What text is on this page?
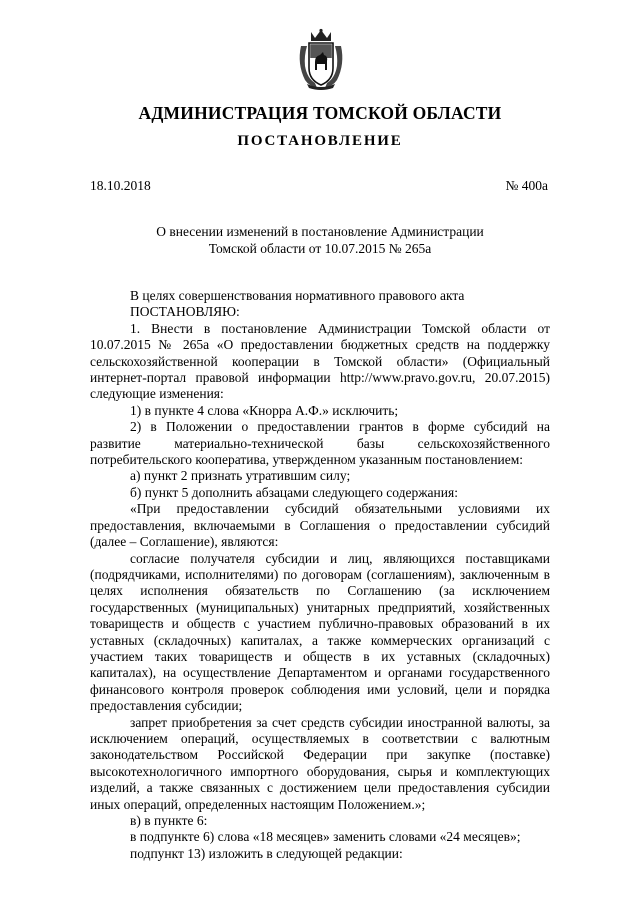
АДМИНИСТРАЦИЯ ТОМСКОЙ ОБЛАСТИ
ПОСТАНОВЛЕНИЕ
18.10.2018	№ 400а
О внесении изменений в постановление Администрации
Томской области от 10.07.2015 № 265а

В целях совершенствования нормативного правового акта

ПОСТАНОВЛЯЮ:

1. Внести в постановление Администрации Томской области от 10.07.2015 № 265а «О предоставлении бюджетных средств на поддержку сельскохозяйственной кооперации в Томской области» (Официальный интернет-портал правовой информации http://www.pravo.gov.ru, 20.07.2015) следующие изменения:

1) в пункте 4 слова «Кнорра А.Ф.» исключить;

2) в Положении о предоставлении грантов в форме субсидий на развитие материально-технической базы сельскохозяйственного потребительского кооператива, утвержденном указанным постановлением:

а) пункт 2 признать утратившим силу;

б) пункт 5 дополнить абзацами следующего содержания:

«При предоставлении субсидий обязательными условиями их предоставления, включаемыми в Соглашения о предоставлении субсидий (далее – Соглашение), являются:

согласие получателя субсидии и лиц, являющихся поставщиками (подрядчиками, исполнителями) по договорам (соглашениям), заключенным в целях исполнения обязательств по Соглашению (за исключением государственных (муниципальных) унитарных предприятий, хозяйственных товариществ и обществ с участием публично-правовых образований в их уставных (складочных) капиталах, а также коммерческих организаций с участием таких товариществ и обществ в их уставных (складочных) капиталах), на осуществление Департаментом и органами государственного финансового контроля проверок соблюдения ими условий, цели и порядка предоставления субсидии;

запрет приобретения за счет средств субсидии иностранной валюты, за исключением операций, осуществляемых в соответствии с валютным законодательством Российской Федерации при закупке (поставке) высокотехнологичного импортного оборудования, сырья и комплектующих изделий, а также связанных с достижением цели предоставления субсидии иных операций, определенных настоящим Положением.»;

в) в пункте 6:

в подпункте 6) слова «18 месяцев» заменить словами «24 месяцев»;

подпункт 13) изложить в следующей редакции:
